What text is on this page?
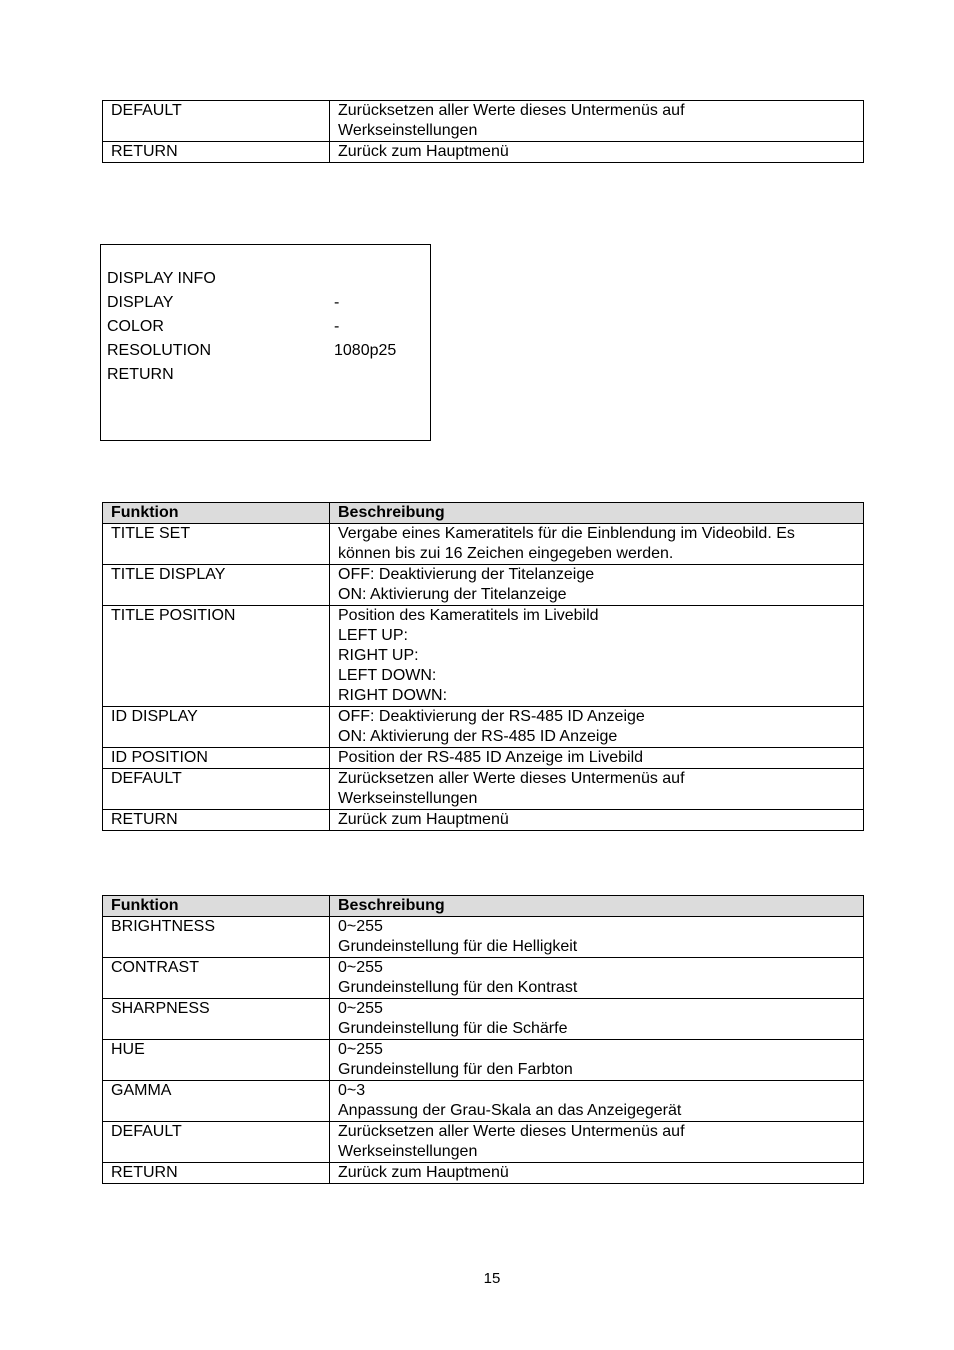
DEFAULT	Zurücksetzen aller Werte dieses Untermenüs auf
Werkseinstellungen

RETURN	Zurück zum Hauptmenü
DISPLAY INFO
DISPLAY	-
COLOR	-
RESOLUTION	1080p25
RETURN
Funktion	Beschreibung
TITLE SET	Vergabe eines Kameratitels für die Einblendung im Videobild. Es
können bis zui 16 Zeichen eingegeben werden.

TITLE DISPLAY	OFF: Deaktivierung der Titelanzeige
ON: Aktivierung der Titelanzeige

TITLE POSITION	Position des Kameratitels im Livebild
LEFT UP:
RIGHT UP:
LEFT DOWN:
RIGHT DOWN:

ID DISPLAY	OFF: Deaktivierung der RS-485 ID Anzeige
ON: Aktivierung der RS-485 ID Anzeige

ID POSITION	Position der RS-485 ID Anzeige im Livebild

DEFAULT	Zurücksetzen aller Werte dieses Untermenüs auf
Werkseinstellungen

RETURN	Zurück zum Hauptmenü
Funktion	Beschreibung
BRIGHTNESS	0~255
Grundeinstellung für die Helligkeit

CONTRAST	0~255
Grundeinstellung für den Kontrast

SHARPNESS	0~255
Grundeinstellung für die Schärfe

HUE	0~255
Grundeinstellung für den Farbton

GAMMA	0~3
Anpassung der Grau-Skala an das Anzeigegerät

DEFAULT	Zurücksetzen aller Werte dieses Untermenüs auf
Werkseinstellungen

RETURN	Zurück zum Hauptmenü
15
